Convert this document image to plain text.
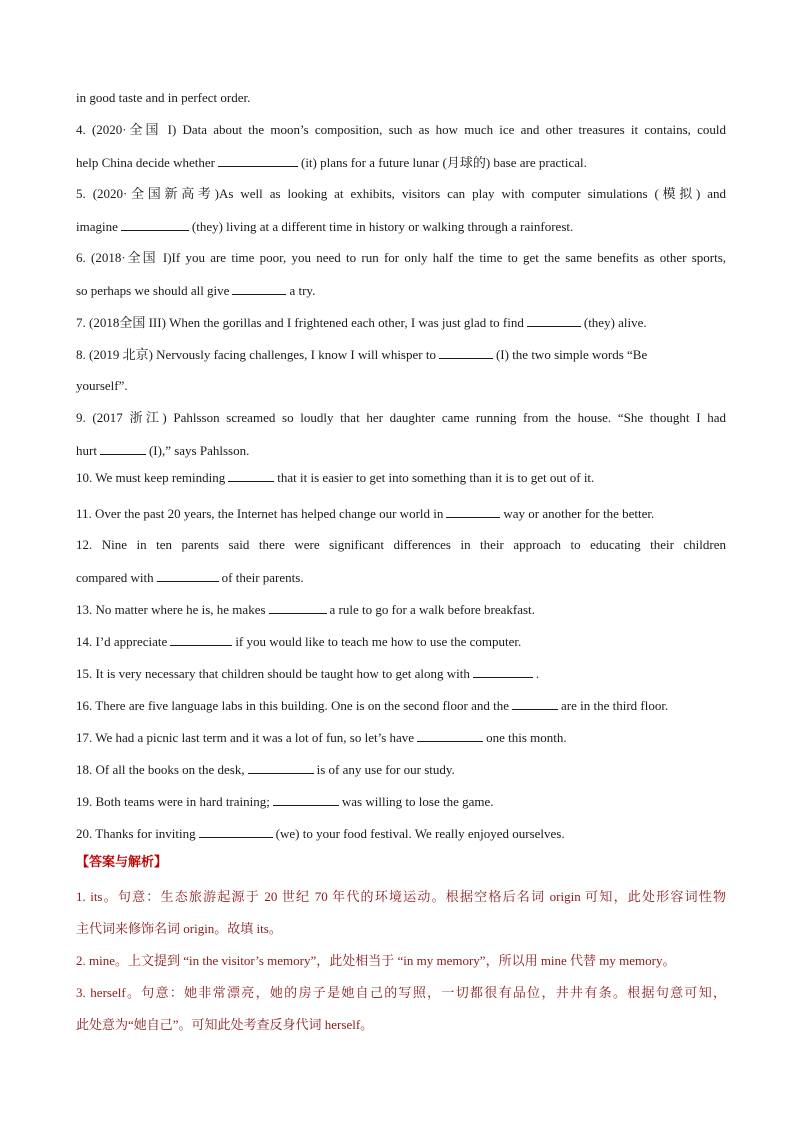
in good taste and in perfect order.
4. (2020·全国 I) Data about the moon’s composition, such as how much ice and other treasures it contains, could
help China decide whether	(it) plans for a future lunar (月球的) base are practical.
5. (2020·全国新高考)As well as looking at exhibits, visitors can play with computer simulations (模拟) and
imagine	(they) living at a different time in history or walking through a rainforest.
6. (2018·全国 I)If you are time poor, you need to run for only half the time to get the same benefits as other sports,
so perhaps we should all give	a try.
7. (2018全国 III) When the gorillas and I frightened each other, I was just glad to find	(they) alive.
8. (2019 北京) Nervously facing challenges, I know I will whisper to	(I) the two simple words “Be
yourself”.
9. (2017 浙江) Pahlsson screamed so loudly that her daughter came running from the house. “She thought I had
hurt	(I),” says Pahlsson.
10. We must keep reminding	that it is easier to get into something than it is to get out of it.
11. Over the past 20 years, the Internet has helped change our world in	way or another for the better.
12. Nine in ten parents said there were significant differences in their approach to educating their children
compared with	of their parents.
13. No matter where he is, he makes	a rule to go for a walk before breakfast.
14. I’d appreciate	if you would like to teach me how to use the computer.
15. It is very necessary that children should be taught how to get along with	.
16. There are five language labs in this building. One is on the second floor and the	are in the third floor.
17. We had a picnic last term and it was a lot of fun, so let’s have	one this month.
18. Of all the books on the desk,	is of any use for our study.
19. Both teams were in hard training;	was willing to lose the game.
20. Thanks for inviting	(we) to your food festival. We really enjoyed ourselves.
【答案与解析】
1. its。句意：生态旅游起源于 20 世纪 70 年代的环境运动。根据空格后名词 origin 可知，此处形容词性物
主代词来修饰名词 origin。故填 its。
2. mine。上文提到 “in the visitor’s memory”，此处相当于 “in my memory”，所以用 mine 代替 my memory。
3. herself。句意：她非常漂亮，她的房子是她自己的写照，一切都很有品位，井井有条。根据句意可知，
此处意为“她自己”。可知此处考查反身代词 herself。
